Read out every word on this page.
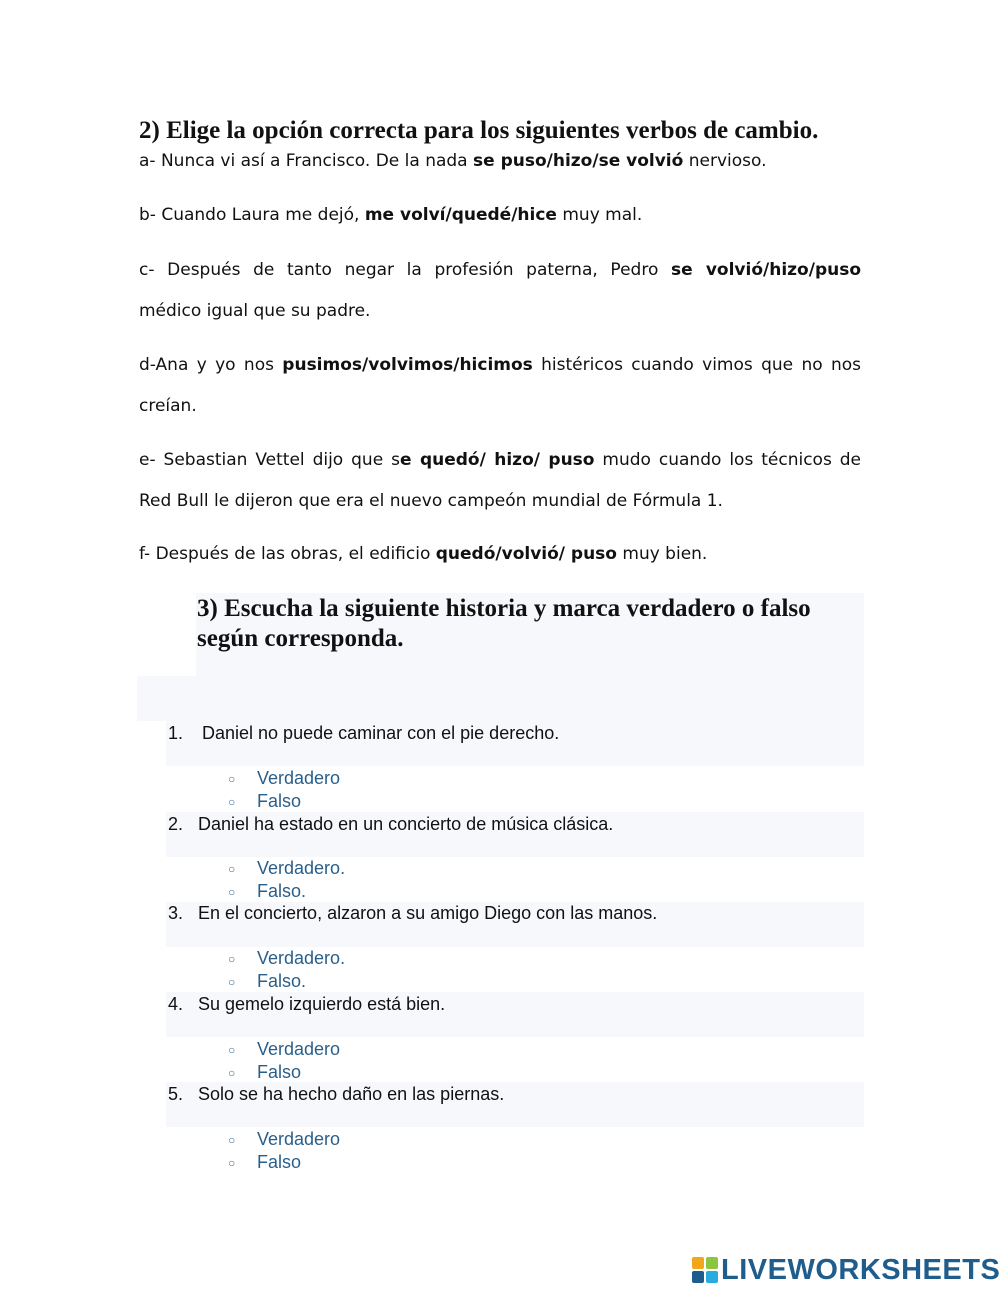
2) Elige la opción correcta para los siguientes verbos de cambio.
a- Nunca vi así a Francisco. De la nada se puso/hizo/se volvió nervioso.
b- Cuando Laura me dejó, me volví/quedé/hice muy mal.
c- Después de tanto negar la profesión paterna, Pedro se volvió/hizo/puso
médico igual que su padre.
d-Ana y yo nos pusimos/volvimos/hicimos histéricos cuando vimos que no nos
creían.
e- Sebastian Vettel dijo que se quedó/ hizo/ puso mudo cuando los técnicos de
Red Bull le dijeron que era el nuevo campeón mundial de Fórmula 1.
f- Después de las obras, el edificio quedó/volvió/ puso muy bien.
3) Escucha la siguiente historia y marca verdadero o falso
según corresponda.
1. Daniel no puede caminar con el pie derecho.
○ Verdadero
○ Falso
2. Daniel ha estado en un concierto de música clásica.
○ Verdadero.
○ Falso.
3. En el concierto, alzaron a su amigo Diego con las manos.
○ Verdadero.
○ Falso.
4. Su gemelo izquierdo está bien.
○ Verdadero
○ Falso
5. Solo se ha hecho daño en las piernas.
○ Verdadero
○ Falso
LIVEWORKSHEETS
